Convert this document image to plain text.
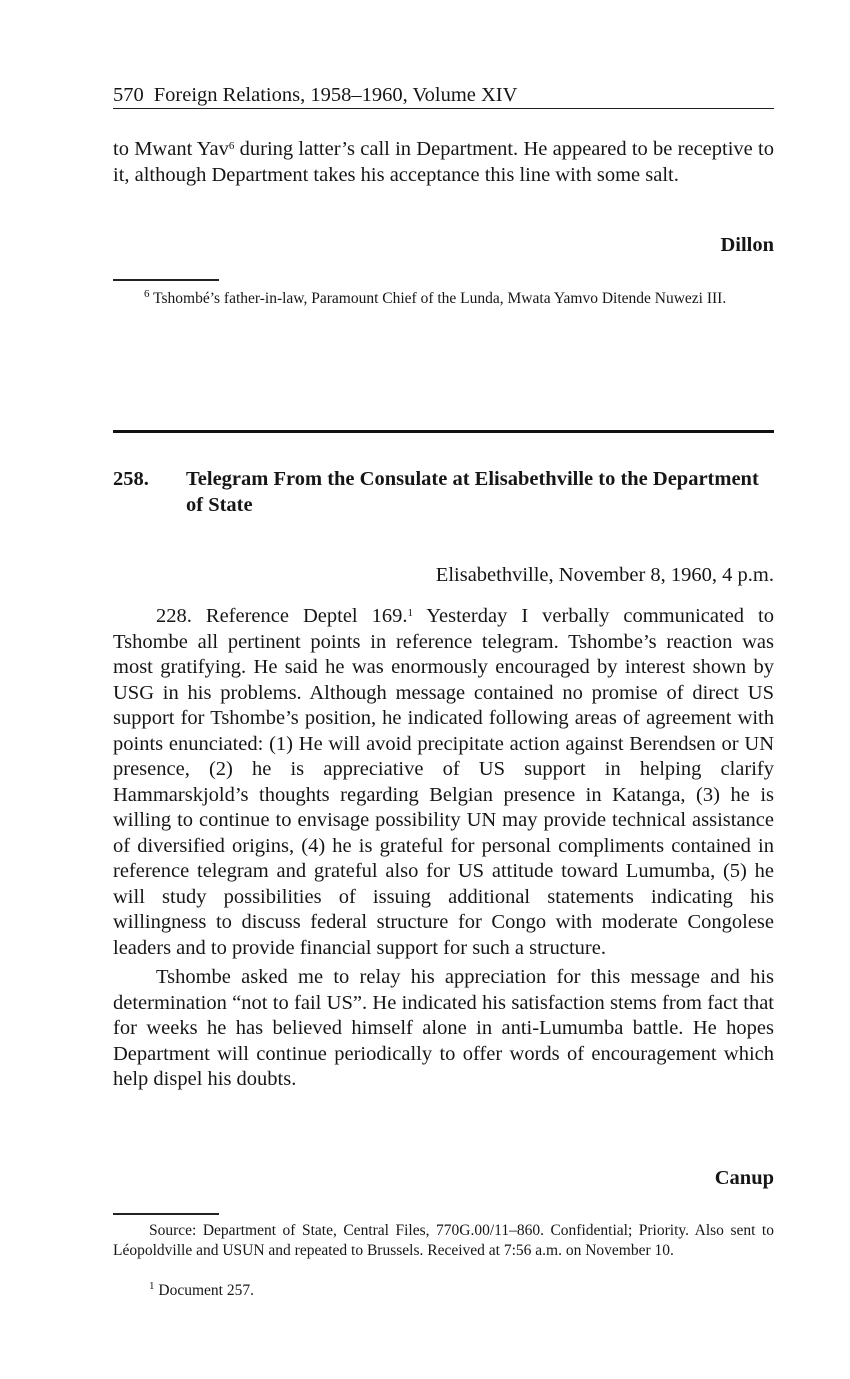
570 Foreign Relations, 1958–1960, Volume XIV

to Mwant Yav$^6$ during latter’s call in Department. He appeared to be receptive to it, although Department takes his acceptance this line with some salt.

Dillon

$^6$ Tshombé’s father-in-law, Paramount Chief of the Lunda, Mwata Yamvo Ditende Nuwezi III.

258. Telegram From the Consulate at Elisabethville to the Department of State
Elisabethville, November 8, 1960, 4 p.m.

228. Reference Deptel 169.$^1$ Yesterday I verbally communicated to Tshombe all pertinent points in reference telegram. Tshombe’s reaction was most gratifying. He said he was enormously encouraged by interest shown by USG in his problems. Although message contained no promise of direct US support for Tshombe’s position, he indicated following areas of agreement with points enunciated: (1) He will avoid precipitate action against Berendsen or UN presence, (2) he is appreciative of US support in helping clarify Hammarskjold’s thoughts regarding Belgian presence in Katanga, (3) he is willing to continue to envisage possibility UN may provide technical assistance of diversified origins, (4) he is grateful for personal compliments contained in reference telegram and grateful also for US attitude toward Lumumba, (5) he will study possibilities of issuing additional statements indicating his willingness to discuss federal structure for Congo with moderate Congolese leaders and to provide financial support for such a structure.

Tshombe asked me to relay his appreciation for this message and his determination “not to fail US”. He indicated his satisfaction stems from fact that for weeks he has believed himself alone in anti-Lumumba battle. He hopes Department will continue periodically to offer words of encouragement which help dispel his doubts.

Canup

Source: Department of State, Central Files, 770G.00/11–860. Confidential; Priority. Also sent to Léopoldville and USUN and repeated to Brussels. Received at 7:56 a.m. on November 10.

$^1$ Document 257.
